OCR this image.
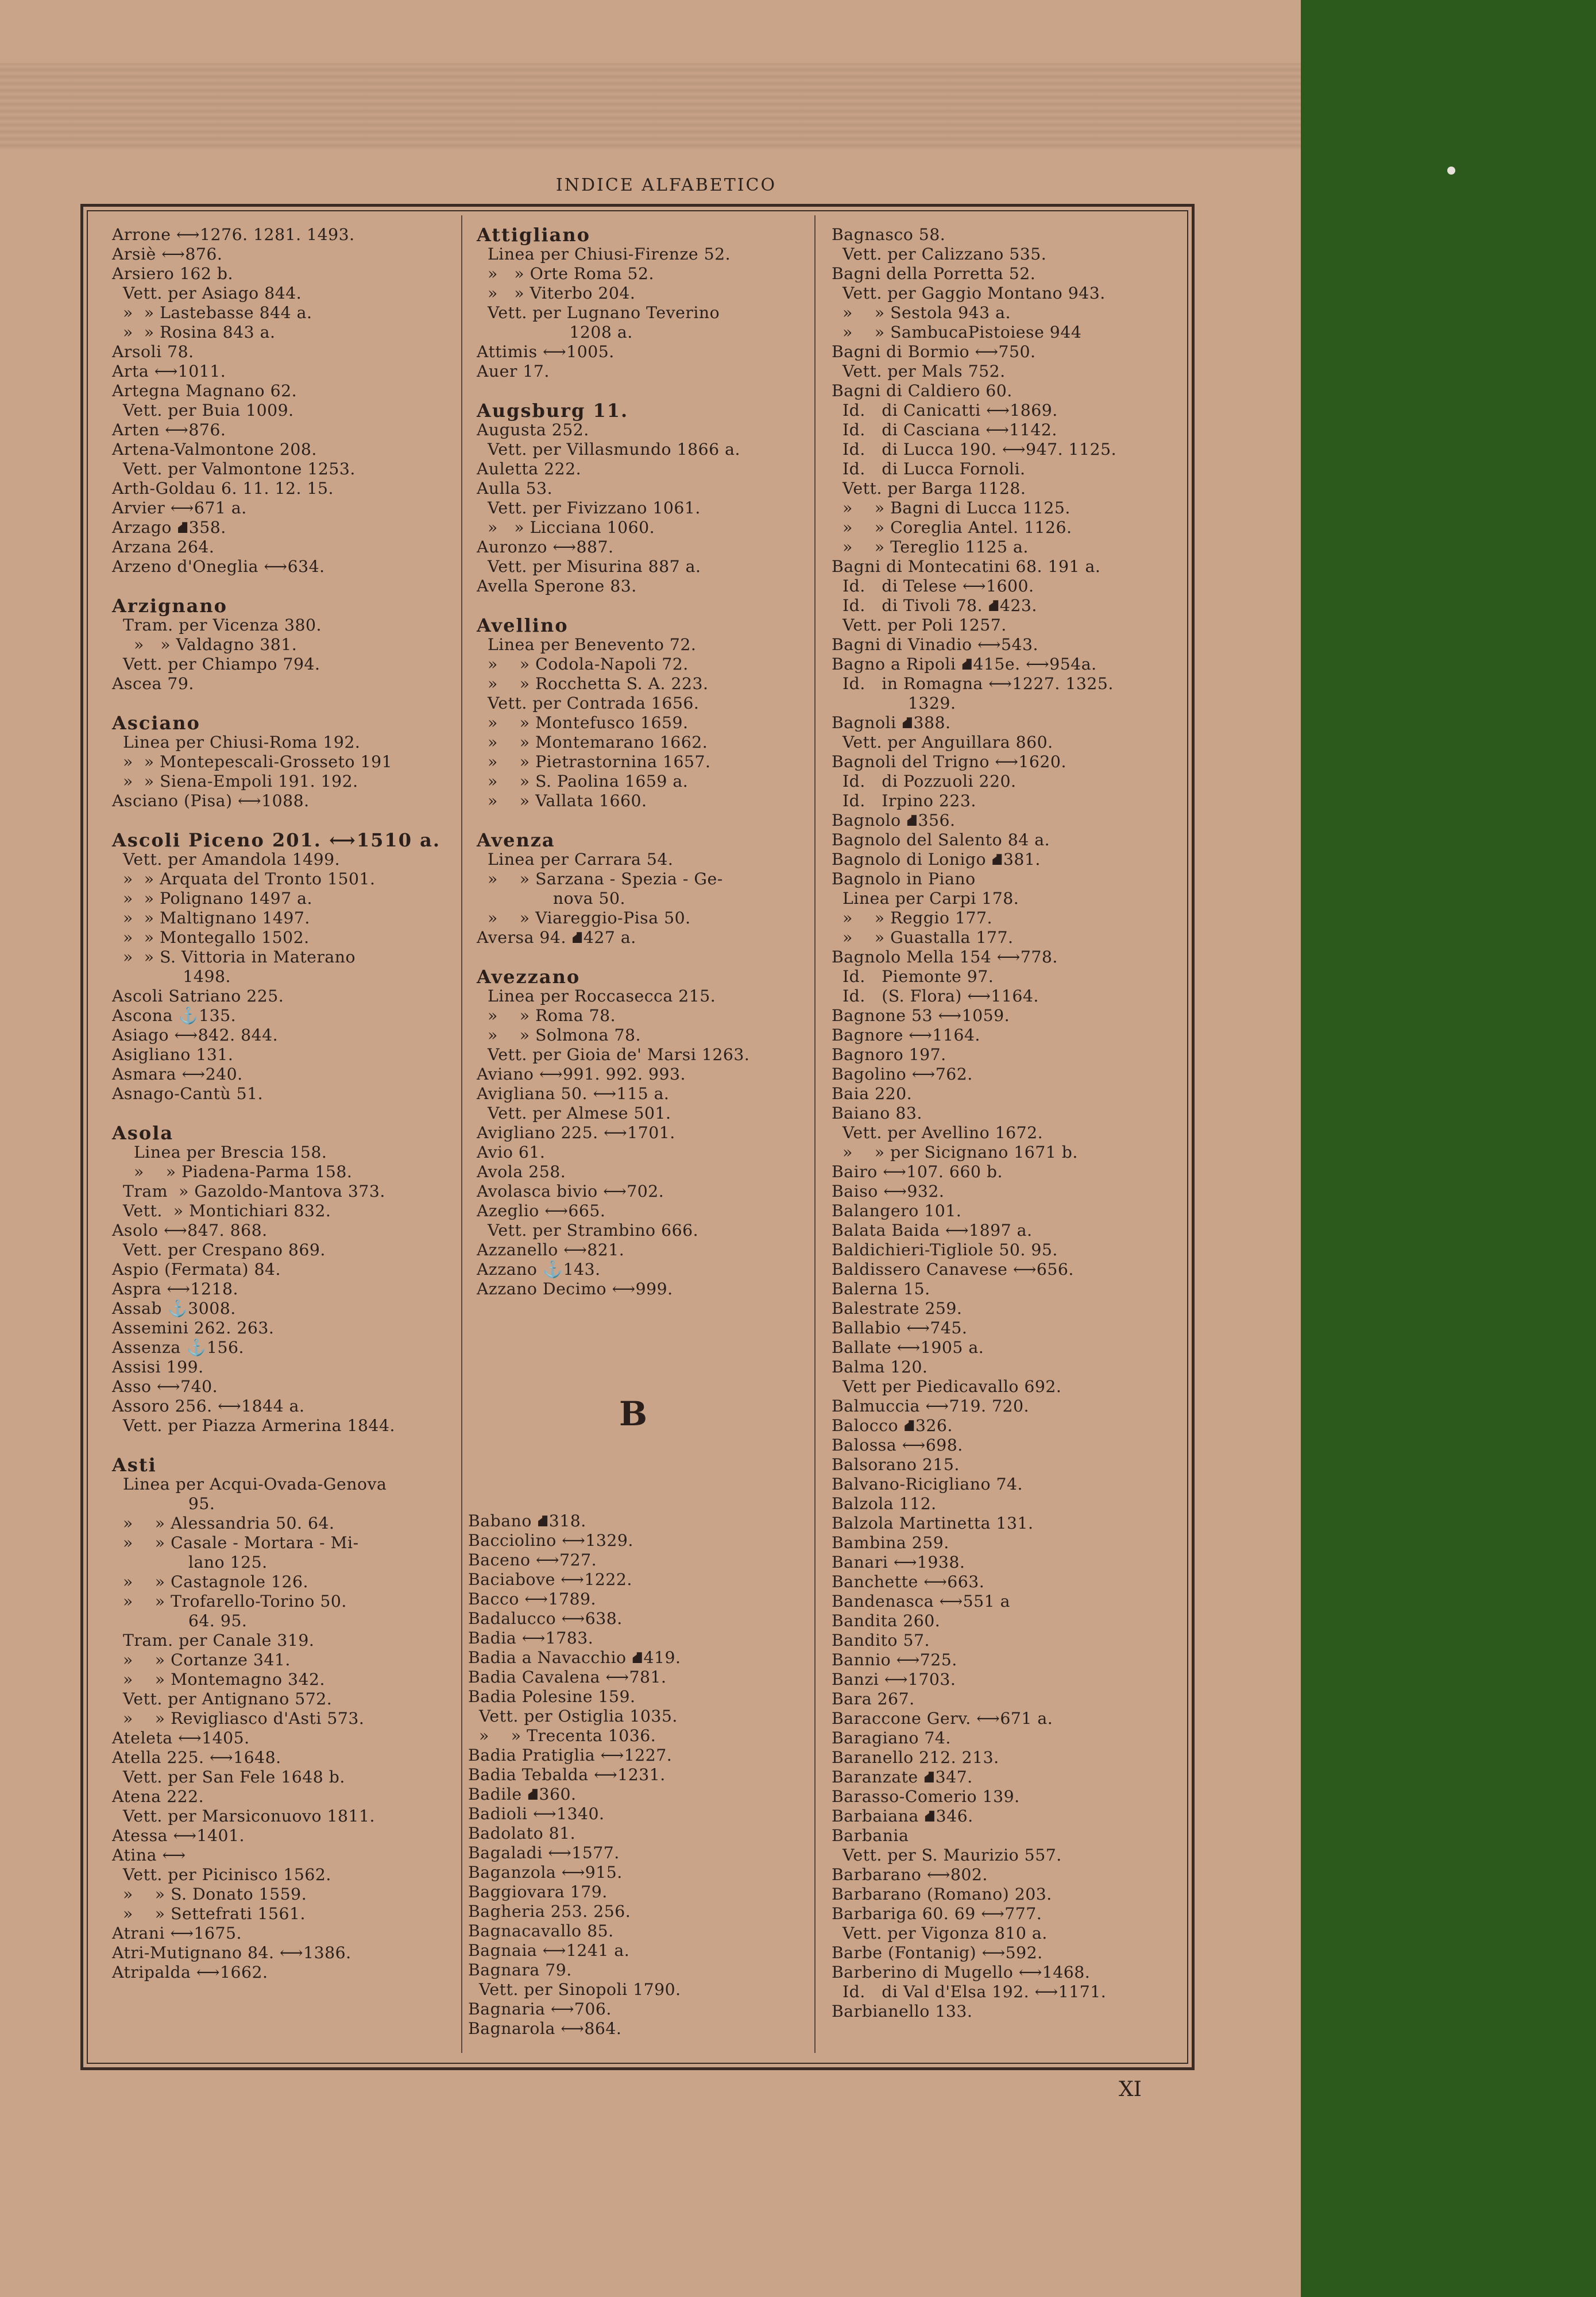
INDICE ALFABETICO
Arrone ⟷1276. 1281. 1493.
Arsiè ⟷876.
Arsiero 162 b.
Vett. per Asiago 844.
»  » Lastebasse 844 a.
»  » Rosina 843 a.
Arsoli 78.
Arta ⟷1011.
Artegna Magnano 62.
Vett. per Buia 1009.
Arten ⟷876.
Artena-Valmontone 208.
Vett. per Valmontone 1253.
Arth-Goldau 6. 11. 12. 15.
Arvier ⟷671 a.
Arzago ⛘358.
Arzana 264.
Arzeno d'Oneglia ⟷634.

Arzignano
Tram. per Vicenza 380.
»   » Valdagno 381.
Vett. per Chiampo 794.
Ascea 79.

Asciano
Linea per Chiusi-Roma 192.
»  » Montepescali-Grosseto 191
»  » Siena-Empoli 191. 192.
Asciano (Pisa) ⟷1088.

Ascoli Piceno 201. ⟷1510 a.
Vett. per Amandola 1499.
»  » Arquata del Tronto 1501.
»  » Polignano 1497 a.
»  » Maltignano 1497.
»  » Montegallo 1502.
»  » S. Vittoria in Materano
1498.
Ascoli Satriano 225.
Ascona ⚓135.
Asiago ⟷842. 844.
Asigliano 131.
Asmara ⟷240.
Asnago-Cantù 51.

Asola
Linea per Brescia 158.
»    » Piadena-Parma 158.
Tram  » Gazoldo-Mantova 373.
Vett.  » Montichiari 832.
Asolo ⟷847. 868.
Vett. per Crespano 869.
Aspio (Fermata) 84.
Aspra ⟷1218.
Assab ⚓3008.
Assemini 262. 263.
Assenza ⚓156.
Assisi 199.
Asso ⟷740.
Assoro 256. ⟷1844 a.
Vett. per Piazza Armerina 1844.

Asti
Linea per Acqui-Ovada-Genova
95.
»    » Alessandria 50. 64.
»    » Casale - Mortara - Mi-
lano 125.
»    » Castagnole 126.
»    » Trofarello-Torino 50.
64. 95.
Tram. per Canale 319.
»    » Cortanze 341.
»    » Montemagno 342.
Vett. per Antignano 572.
»    » Revigliasco d'Asti 573.
Ateleta ⟷1405.
Atella 225. ⟷1648.
Vett. per San Fele 1648 b.
Atena 222.
Vett. per Marsiconuovo 1811.
Atessa ⟷1401.
Atina ⟷
Vett. per Picinisco 1562.
»    » S. Donato 1559.
»    » Settefrati 1561.
Atrani ⟷1675.
Atri-Mutignano 84. ⟷1386.
Atripalda ⟷1662.
Attigliano
Linea per Chiusi-Firenze 52.
»   » Orte Roma 52.
»   » Viterbo 204.
Vett. per Lugnano Teverino
1208 a.
Attimis ⟷1005.
Auer 17.

Augsburg 11.
Augusta 252.
Vett. per Villasmundo 1866 a.
Auletta 222.
Aulla 53.
Vett. per Fivizzano 1061.
»   » Licciana 1060.
Auronzo ⟷887.
Vett. per Misurina 887 a.
Avella Sperone 83.

Avellino
Linea per Benevento 72.
»    » Codola-Napoli 72.
»    » Rocchetta S. A. 223.
Vett. per Contrada 1656.
»    » Montefusco 1659.
»    » Montemarano 1662.
»    » Pietrastornina 1657.
»    » S. Paolina 1659 a.
»    » Vallata 1660.

Avenza
Linea per Carrara 54.
»    » Sarzana - Spezia - Ge-
nova 50.
»    » Viareggio-Pisa 50.
Aversa 94. ⛘427 a.

Avezzano
Linea per Roccasecca 215.
»    » Roma 78.
»    » Solmona 78.
Vett. per Gioia de' Marsi 1263.
Aviano ⟷991. 992. 993.
Avigliana 50. ⟷115 a.
Vett. per Almese 501.
Avigliano 225. ⟷1701.
Avio 61.
Avola 258.
Avolasca bivio ⟷702.
Azeglio ⟷665.
Vett. per Strambino 666.
Azzanello ⟷821.
Azzano ⚓143.
Azzano Decimo ⟷999.
B
Babano ⛘318.
Bacciolino ⟷1329.
Baceno ⟷727.
Baciabove ⟷1222.
Bacco ⟷1789.
Badalucco ⟷638.
Badia ⟷1783.
Badia a Navacchio ⛘419.
Badia Cavalena ⟷781.
Badia Polesine 159.
Vett. per Ostiglia 1035.
»    » Trecenta 1036.
Badia Pratiglia ⟷1227.
Badia Tebalda ⟷1231.
Badile ⛘360.
Badioli ⟷1340.
Badolato 81.
Bagaladi ⟷1577.
Baganzola ⟷915.
Baggiovara 179.
Bagheria 253. 256.
Bagnacavallo 85.
Bagnaia ⟷1241 a.
Bagnara 79.
Vett. per Sinopoli 1790.
Bagnaria ⟷706.
Bagnarola ⟷864.
Bagnasco 58.
Vett. per Calizzano 535.
Bagni della Porretta 52.
Vett. per Gaggio Montano 943.
»    » Sestola 943 a.
»    » SambucaPistoiese 944
Bagni di Bormio ⟷750.
Vett. per Mals 752.
Bagni di Caldiero 60.
Id.   di Canicatti ⟷1869.
Id.   di Casciana ⟷1142.
Id.   di Lucca 190. ⟷947. 1125.
Id.   di Lucca Fornoli.
Vett. per Barga 1128.
»    » Bagni di Lucca 1125.
»    » Coreglia Antel. 1126.
»    » Tereglio 1125 a.
Bagni di Montecatini 68. 191 a.
Id.   di Telese ⟷1600.
Id.   di Tivoli 78. ⛘423.
Vett. per Poli 1257.
Bagni di Vinadio ⟷543.
Bagno a Ripoli ⛘415e. ⟷954a.
Id.   in Romagna ⟷1227. 1325.
1329.
Bagnoli ⛘388.
Vett. per Anguillara 860.
Bagnoli del Trigno ⟷1620.
Id.   di Pozzuoli 220.
Id.   Irpino 223.
Bagnolo ⛘356.
Bagnolo del Salento 84 a.
Bagnolo di Lonigo ⛘381.
Bagnolo in Piano
Linea per Carpi 178.
»    » Reggio 177.
»    » Guastalla 177.
Bagnolo Mella 154 ⟷778.
Id.   Piemonte 97.
Id.   (S. Flora) ⟷1164.
Bagnone 53 ⟷1059.
Bagnore ⟷1164.
Bagnoro 197.
Bagolino ⟷762.
Baia 220.
Baiano 83.
Vett. per Avellino 1672.
»    » per Sicignano 1671 b.
Bairo ⟷107. 660 b.
Baiso ⟷932.
Balangero 101.
Balata Baida ⟷1897 a.
Baldichieri-Tigliole 50. 95.
Baldissero Canavese ⟷656.
Balerna 15.
Balestrate 259.
Ballabio ⟷745.
Ballate ⟷1905 a.
Balma 120.
Vett per Piedicavallo 692.
Balmuccia ⟷719. 720.
Balocco ⛘326.
Balossa ⟷698.
Balsorano 215.
Balvano-Ricigliano 74.
Balzola 112.
Balzola Martinetta 131.
Bambina 259.
Banari ⟷1938.
Banchette ⟷663.
Bandenasca ⟷551 a
Bandita 260.
Bandito 57.
Bannio ⟷725.
Banzi ⟷1703.
Bara 267.
Baraccone Gerv. ⟷671 a.
Baragiano 74.
Baranello 212. 213.
Baranzate ⛘347.
Barasso-Comerio 139.
Barbaiana ⛘346.
Barbania
Vett. per S. Maurizio 557.
Barbarano ⟷802.
Barbarano (Romano) 203.
Barbariga 60. 69 ⟷777.
Vett. per Vigonza 810 a.
Barbe (Fontanig) ⟷592.
Barberino di Mugello ⟷1468.
Id.   di Val d'Elsa 192. ⟷1171.
Barbianello 133.
XI
